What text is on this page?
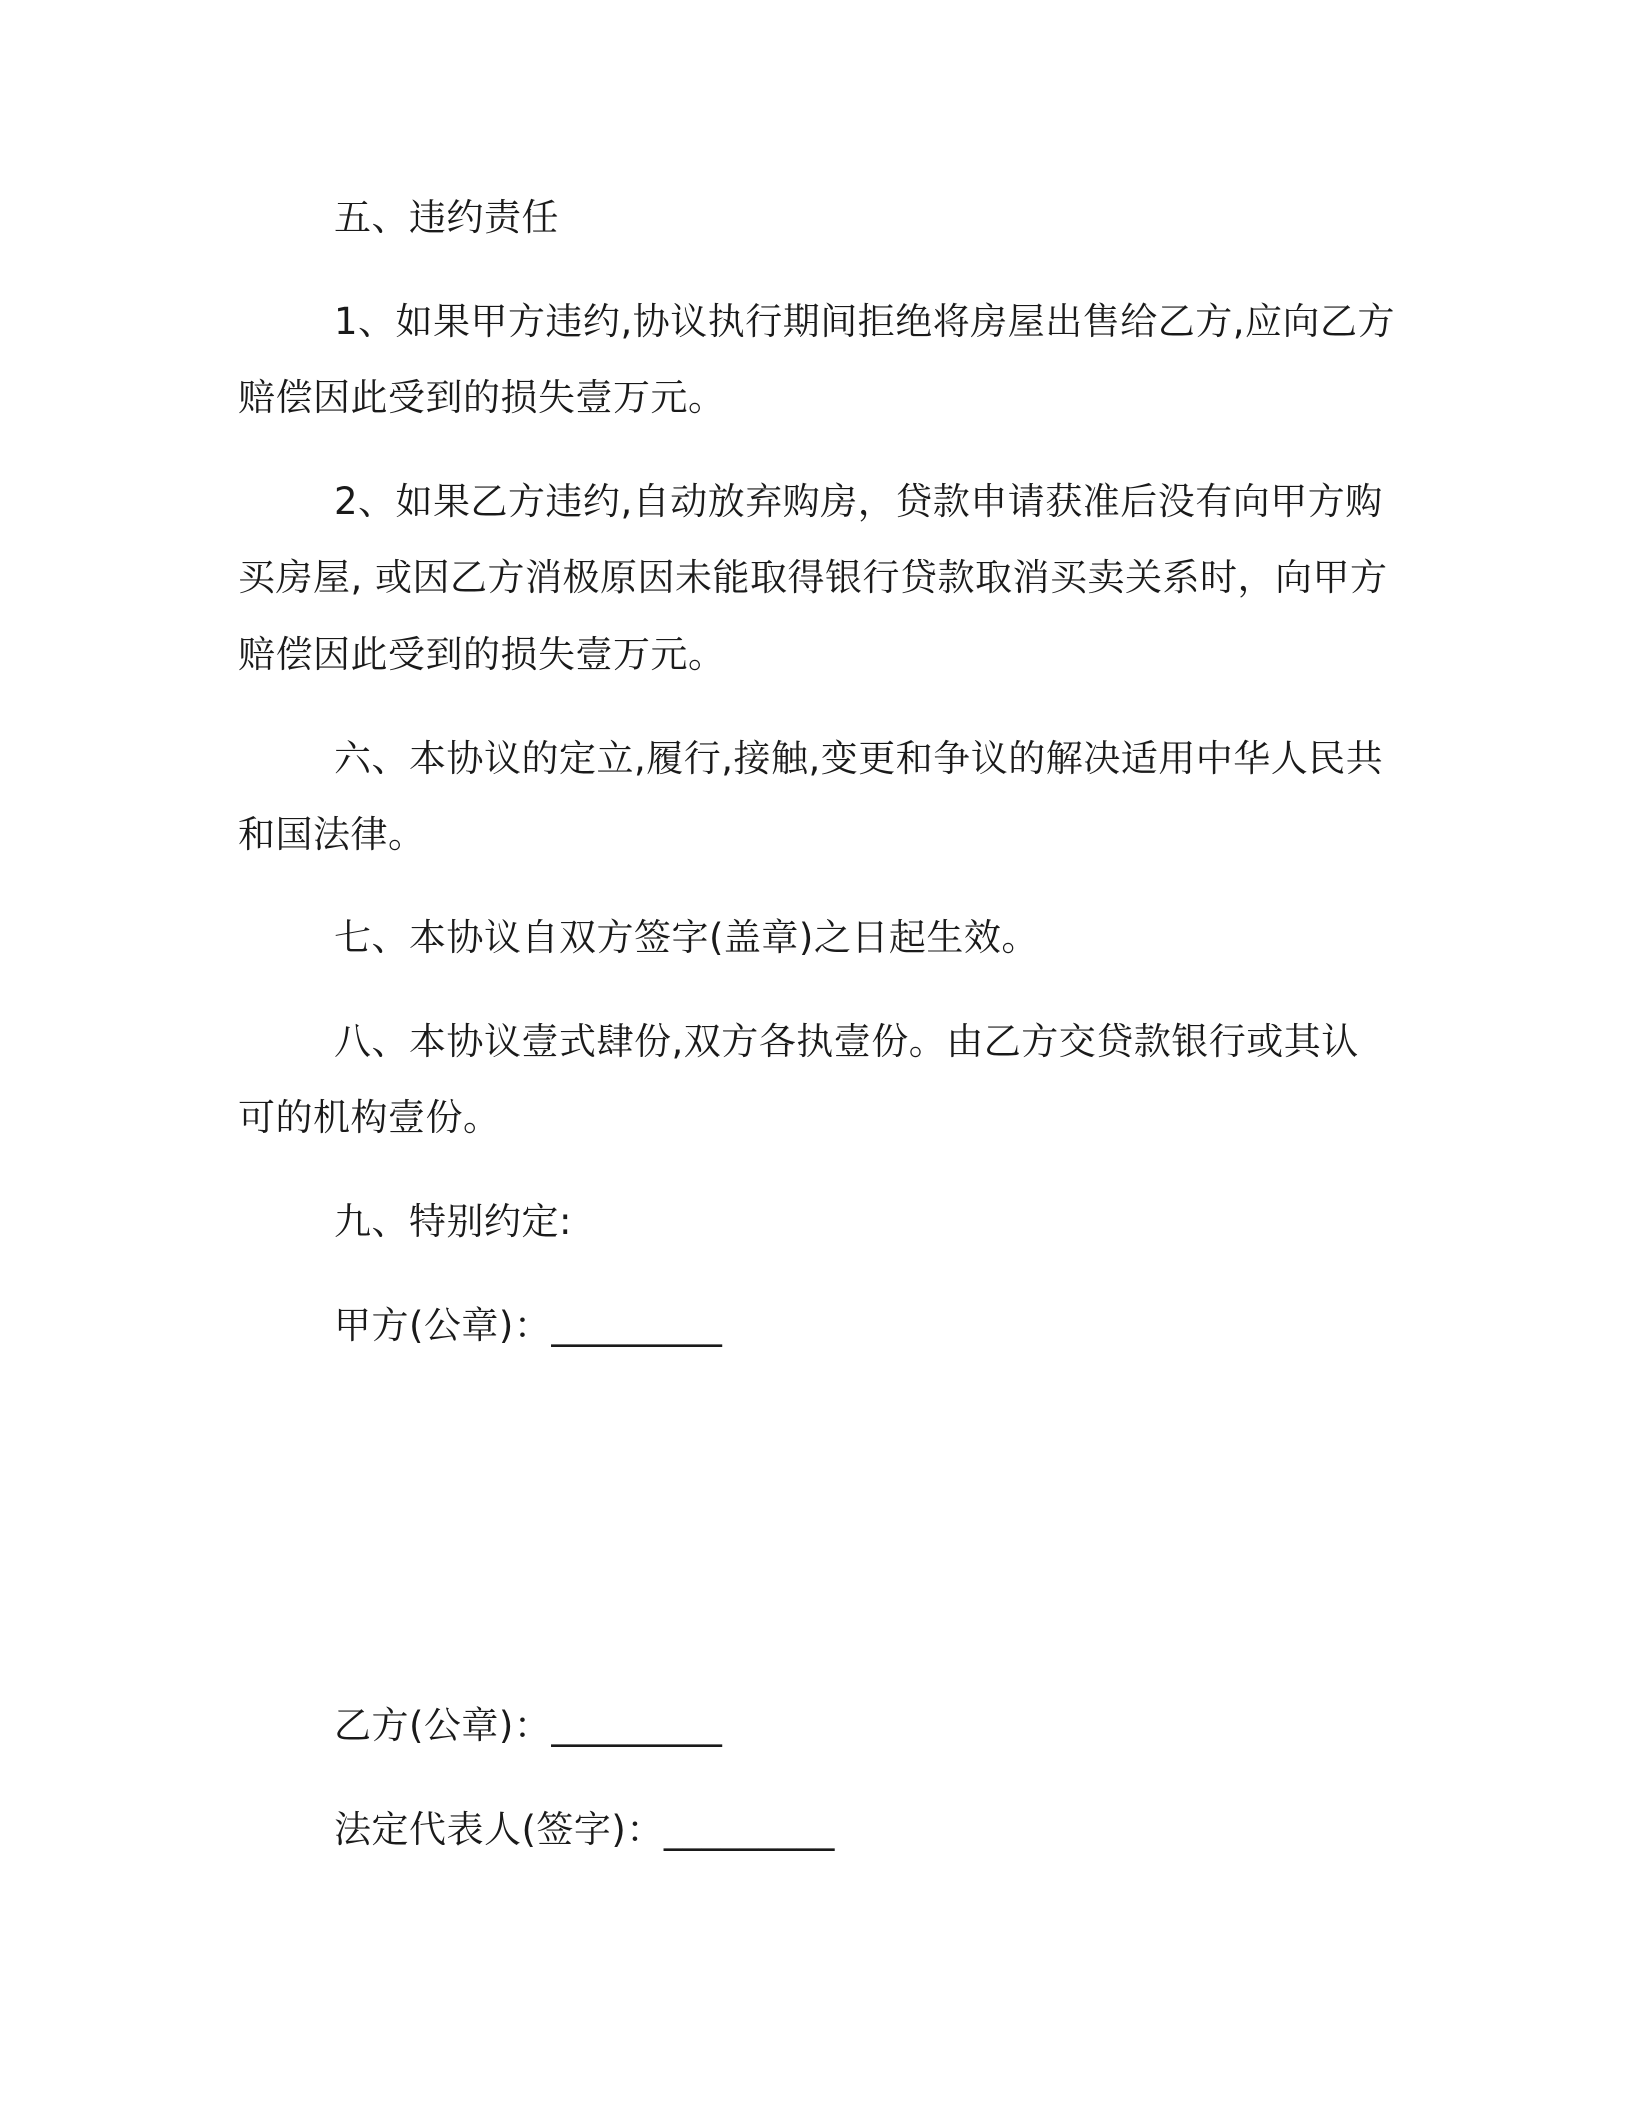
五、违约责任
1、如果甲方违约,协议执行期间拒绝将房屋出售给乙方,应向乙方
赔偿因此受到的损失壹万元。
2、如果乙方违约,自动放弃购房，贷款申请获准后没有向甲方购
买房屋, 或因乙方消极原因未能取得银行贷款取消买卖关系时，向甲方
赔偿因此受到的损失壹万元。
六、本协议的定立,履行,接触,变更和争议的解决适用中华人民共
和国法律。
七、本协议自双方签字(盖章)之日起生效。
八、本协议壹式肆份,双方各执壹份。由乙方交贷款银行或其认
可的机构壹份。
九、特别约定:
甲方(公章)：_________
乙方(公章)：_________
法定代表人(签字)：_________
